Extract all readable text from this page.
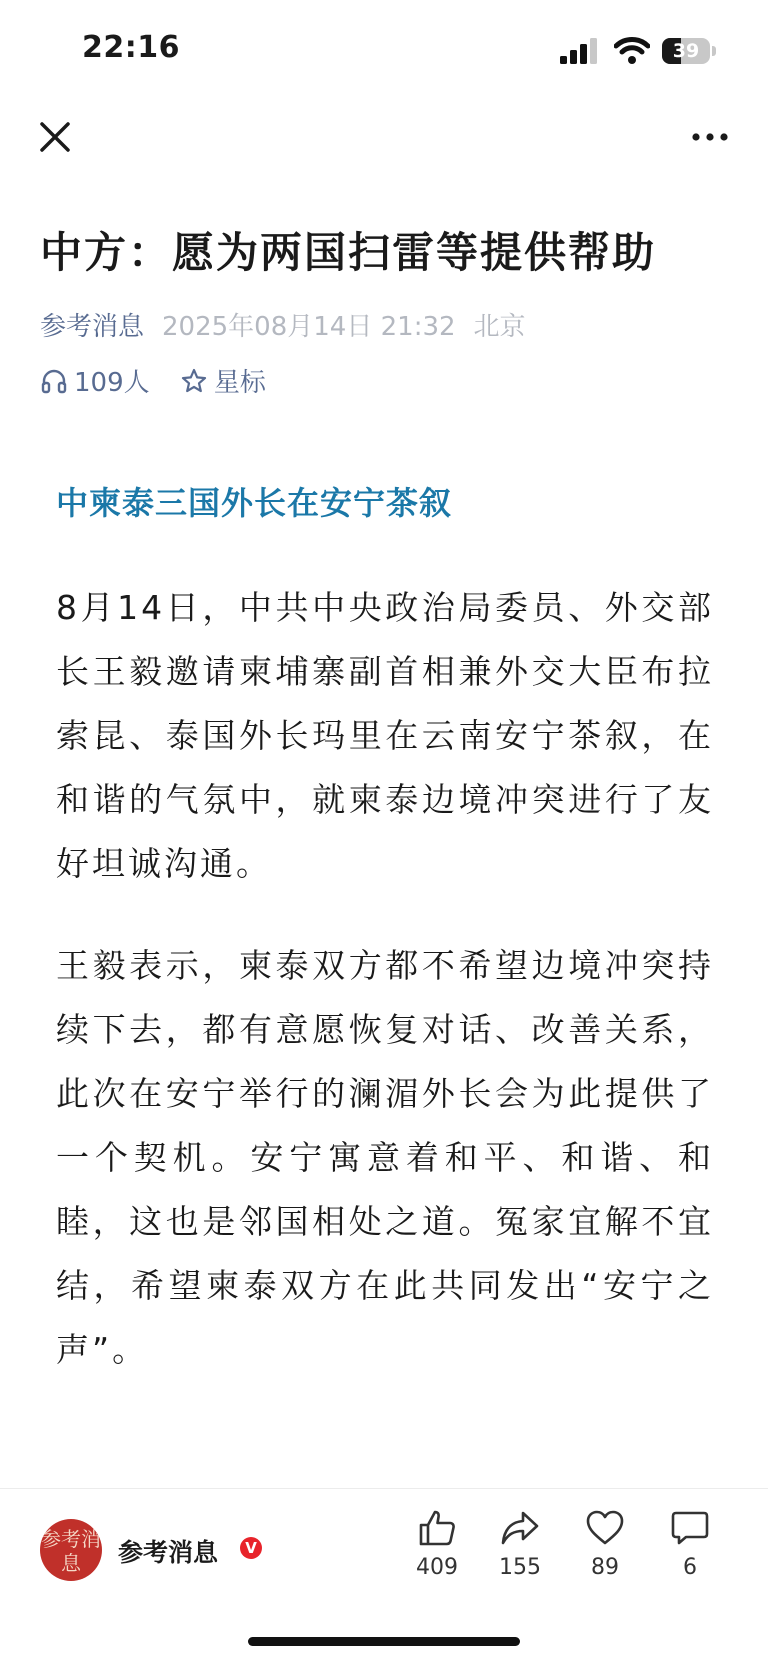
22:16	39
中方：愿为两国扫雷等提供帮助
参考消息 2025年08月14日 21:32 北京
109人
星标
中柬泰三国外长在安宁茶叙
8月14日，中共中央政治局委员、外交部长王毅邀请柬埔寨副首相兼外交大臣布拉索昆、泰国外长玛里在云南安宁茶叙，在和谐的气氛中，就柬泰边境冲突进行了友好坦诚沟通。
王毅表示，柬泰双方都不希望边境冲突持续下去，都有意愿恢复对话、改善关系，此次在安宁举行的澜湄外长会为此提供了一个契机。安宁寓意着和平、和谐、和睦，这也是邻国相处之道。冤家宜解不宜结，希望柬泰双方在此共同发出“安宁之声”。
参考消息	参考消息	V
409	155	89	6
